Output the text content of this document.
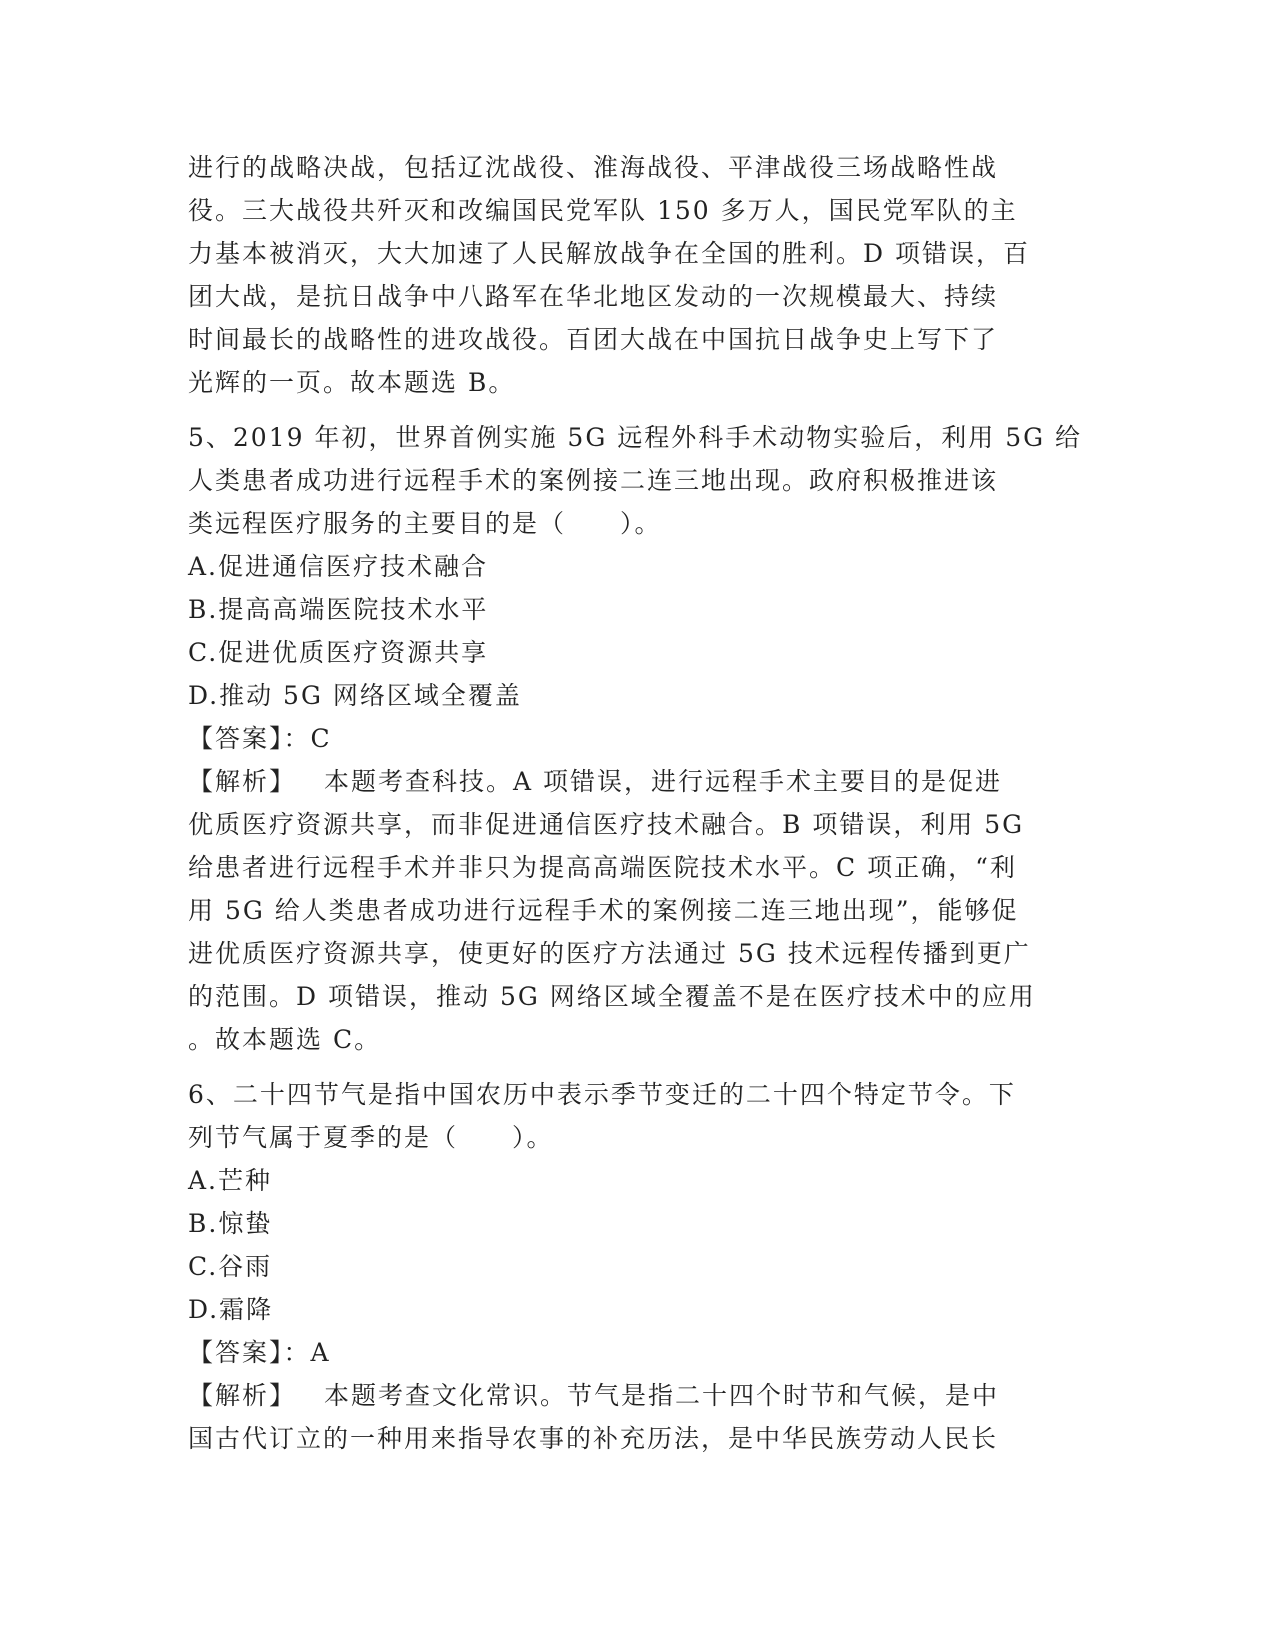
进行的战略决战，包括辽沈战役、淮海战役、平津战役三场战略性战
役。三大战役共歼灭和改编国民党军队 150 多万人，国民党军队的主
力基本被消灭，大大加速了人民解放战争在全国的胜利。D 项错误，百
团大战，是抗日战争中八路军在华北地区发动的一次规模最大、持续
时间最长的战略性的进攻战役。百团大战在中国抗日战争史上写下了
光辉的一页。故本题选 B。
5、2019 年初，世界首例实施 5G 远程外科手术动物实验后，利用 5G 给
人类患者成功进行远程手术的案例接二连三地出现。政府积极推进该
类远程医疗服务的主要目的是（　　）。
A.促进通信医疗技术融合
B.提高高端医院技术水平
C.促进优质医疗资源共享
D.推动 5G 网络区域全覆盖
【答案】：C
【解析】 本题考查科技。A 项错误，进行远程手术主要目的是促进
优质医疗资源共享，而非促进通信医疗技术融合。B 项错误，利用 5G
给患者进行远程手术并非只为提高高端医院技术水平。C 项正确，“利
用 5G 给人类患者成功进行远程手术的案例接二连三地出现”，能够促
进优质医疗资源共享，使更好的医疗方法通过 5G 技术远程传播到更广
的范围。D 项错误，推动 5G 网络区域全覆盖不是在医疗技术中的应用
。故本题选 C。
6、二十四节气是指中国农历中表示季节变迁的二十四个特定节令。下
列节气属于夏季的是（　　）。
A.芒种
B.惊蛰
C.谷雨
D.霜降
【答案】：A
【解析】 本题考查文化常识。节气是指二十四个时节和气候，是中
国古代订立的一种用来指导农事的补充历法，是中华民族劳动人民长
